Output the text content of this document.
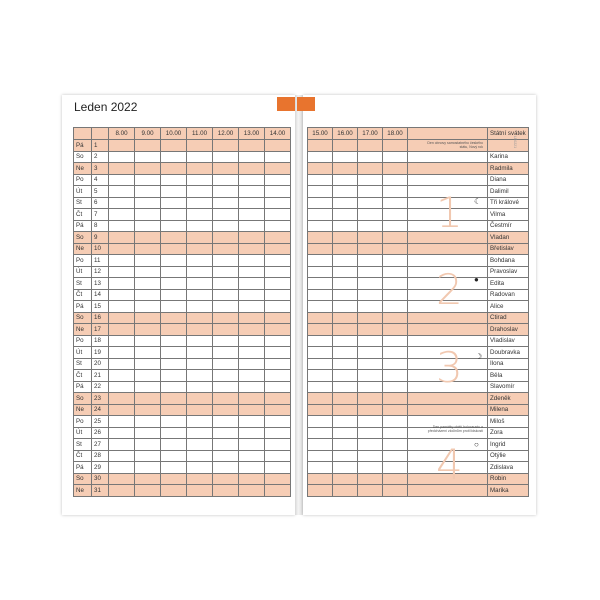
Leden 2022
		8.00	9.00	10.00	11.00	12.00	13.00	14.00
Pá	1							
So	2							
Ne	3							
Po	4							
Út	5							
St	6							
Čt	7							
Pá	8							
So	9							
Ne	10							
Po	11							
Út	12							
St	13							
Čt	14							
Pá	15							
So	16							
Ne	17							
Po	18							
Út	19							
St	20							
Čt	21							
Pá	22							
So	23							
Ne	24							
Po	25							
Út	26							
St	27							
Čt	28							
Pá	29							
So	30							
Ne	31							
15.00	16.00	17.00	18.00		Státní svátek

					Karina
					Radmila
					Diana
					Dalimil
					Tři králové
					Vilma
					Čestmír
					Vladan
					Břetislav
					Bohdana
					Pravoslav
					Edita
					Radovan
					Alice
					Ctirad
					Drahoslav
					Vladislav
					Doubravka
					Ilona
					Běla
					Slavomír
					Zdeněk
					Milena
					Miloš
					Zora
					Ingrid
					Otýlie
					Zdislava
					Robin
					Marika
Den obnovy samostatného českého státu, Nový rok
Den památky obětí holocaustu a předcházení zločinům proti lidskosti
1
2
3
4
☾
●
☽
○
LE0221
